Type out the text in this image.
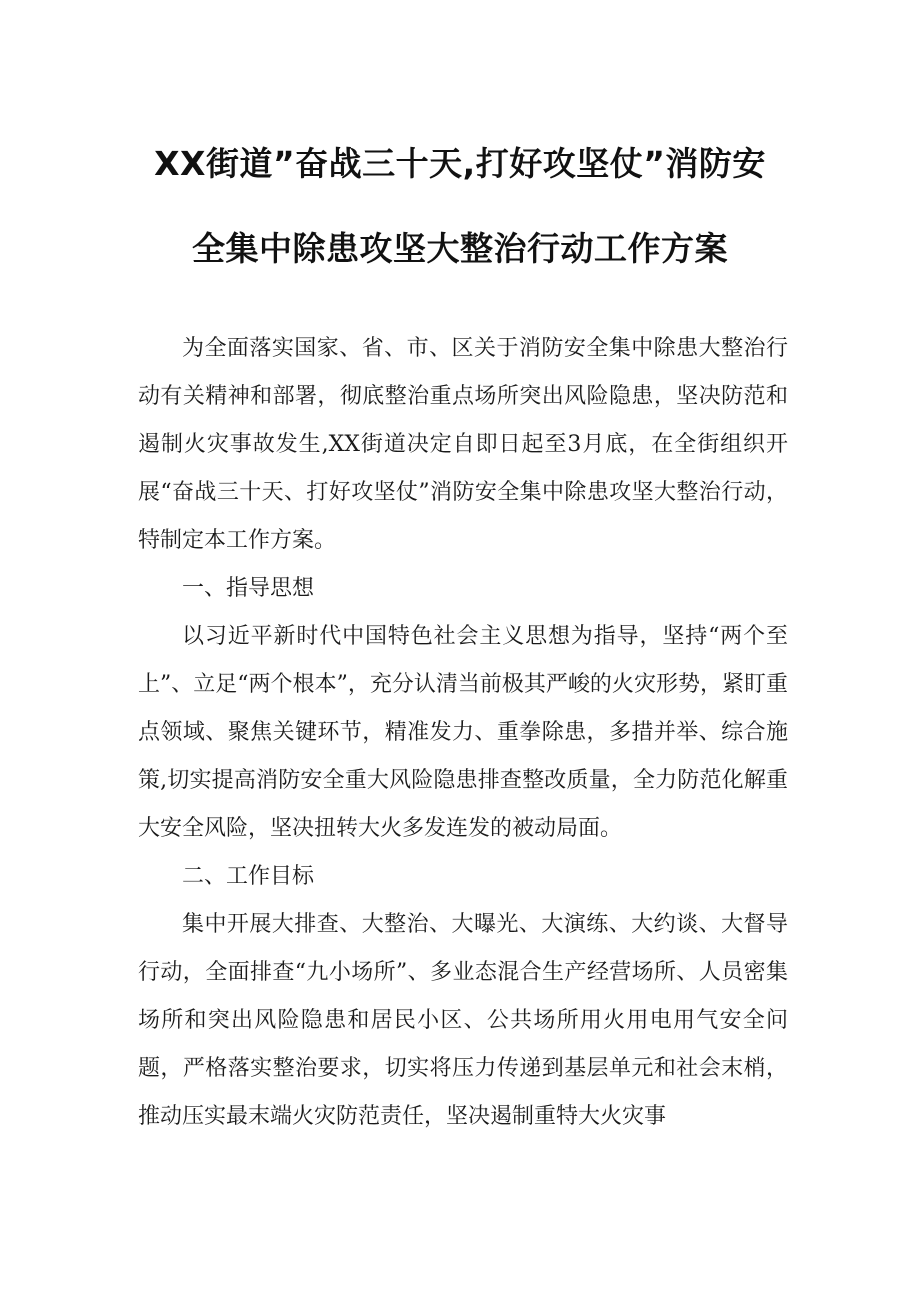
XX街道”奋战三十天,打好攻坚仗”消防安
全集中除患攻坚大整治行动工作方案

为全面落实国家、省、市、区关于消防安全集中除患大整治行动有关精神和部署，彻底整治重点场所突出风险隐患，坚决防范和遏制火灾事故发生,XX街道决定自即日起至3月底，在全街组织开展“奋战三十天、打好攻坚仗”消防安全集中除患攻坚大整治行动，特制定本工作方案。

一、指导思想

以习近平新时代中国特色社会主义思想为指导，坚持“两个至上”、立足“两个根本”，充分认清当前极其严峻的火灾形势，紧盯重点领域、聚焦关键环节，精准发力、重拳除患，多措并举、综合施策,切实提高消防安全重大风险隐患排查整改质量，全力防范化解重大安全风险，坚决扭转大火多发连发的被动局面。

二、工作目标

集中开展大排查、大整治、大曝光、大演练、大约谈、大督导行动，全面排查“九小场所”、多业态混合生产经营场所、人员密集场所和突出风险隐患和居民小区、公共场所用火用电用气安全问题，严格落实整治要求，切实将压力传递到基层单元和社会末梢，推动压实最末端火灾防范责任，坚决遏制重特大火灾事
